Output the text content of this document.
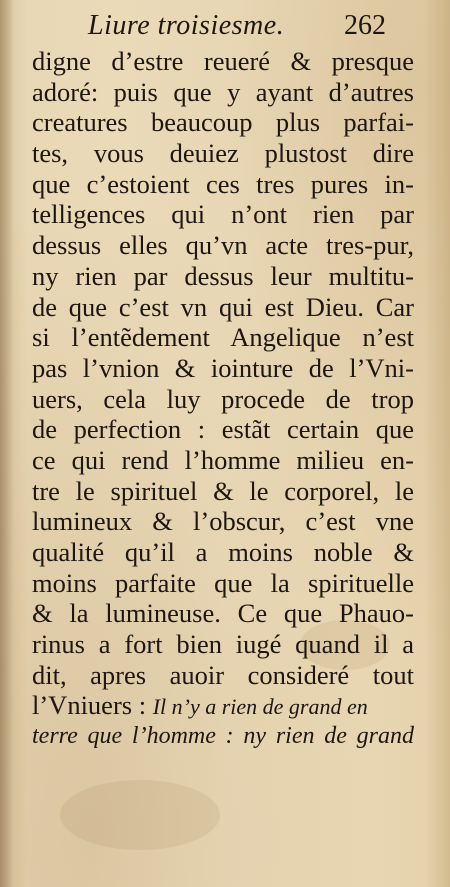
Liure troisiesme. 262
digne d’estre reueré & presque
adoré: puis que y ayant d’autres
creatures beaucoup plus parfai-
tes, vous deuiez plustost dire
que c’estoient ces tres pures in-
telligences qui n’ont rien par
dessus elles qu’vn acte tres-pur,
ny rien par dessus leur multitu-
de que c’est vn qui est Dieu. Car
si l’entẽdement Angelique n’est
pas l’vnion & iointure de l’Vni-
uers, cela luy procede de trop
de perfection : estãt certain que
ce qui rend l’homme milieu en-
tre le spirituel & le corporel, le
lumineux & l’obscur, c’est vne
qualité qu’il a moins noble &
moins parfaite que la spirituelle
& la lumineuse. Ce que Phauo-
rinus a fort bien iugé quand il a
dit, apres auoir consideré tout
l’Vniuers : Il n’y a rien de grand en
terre que l’homme : ny rien de grand
